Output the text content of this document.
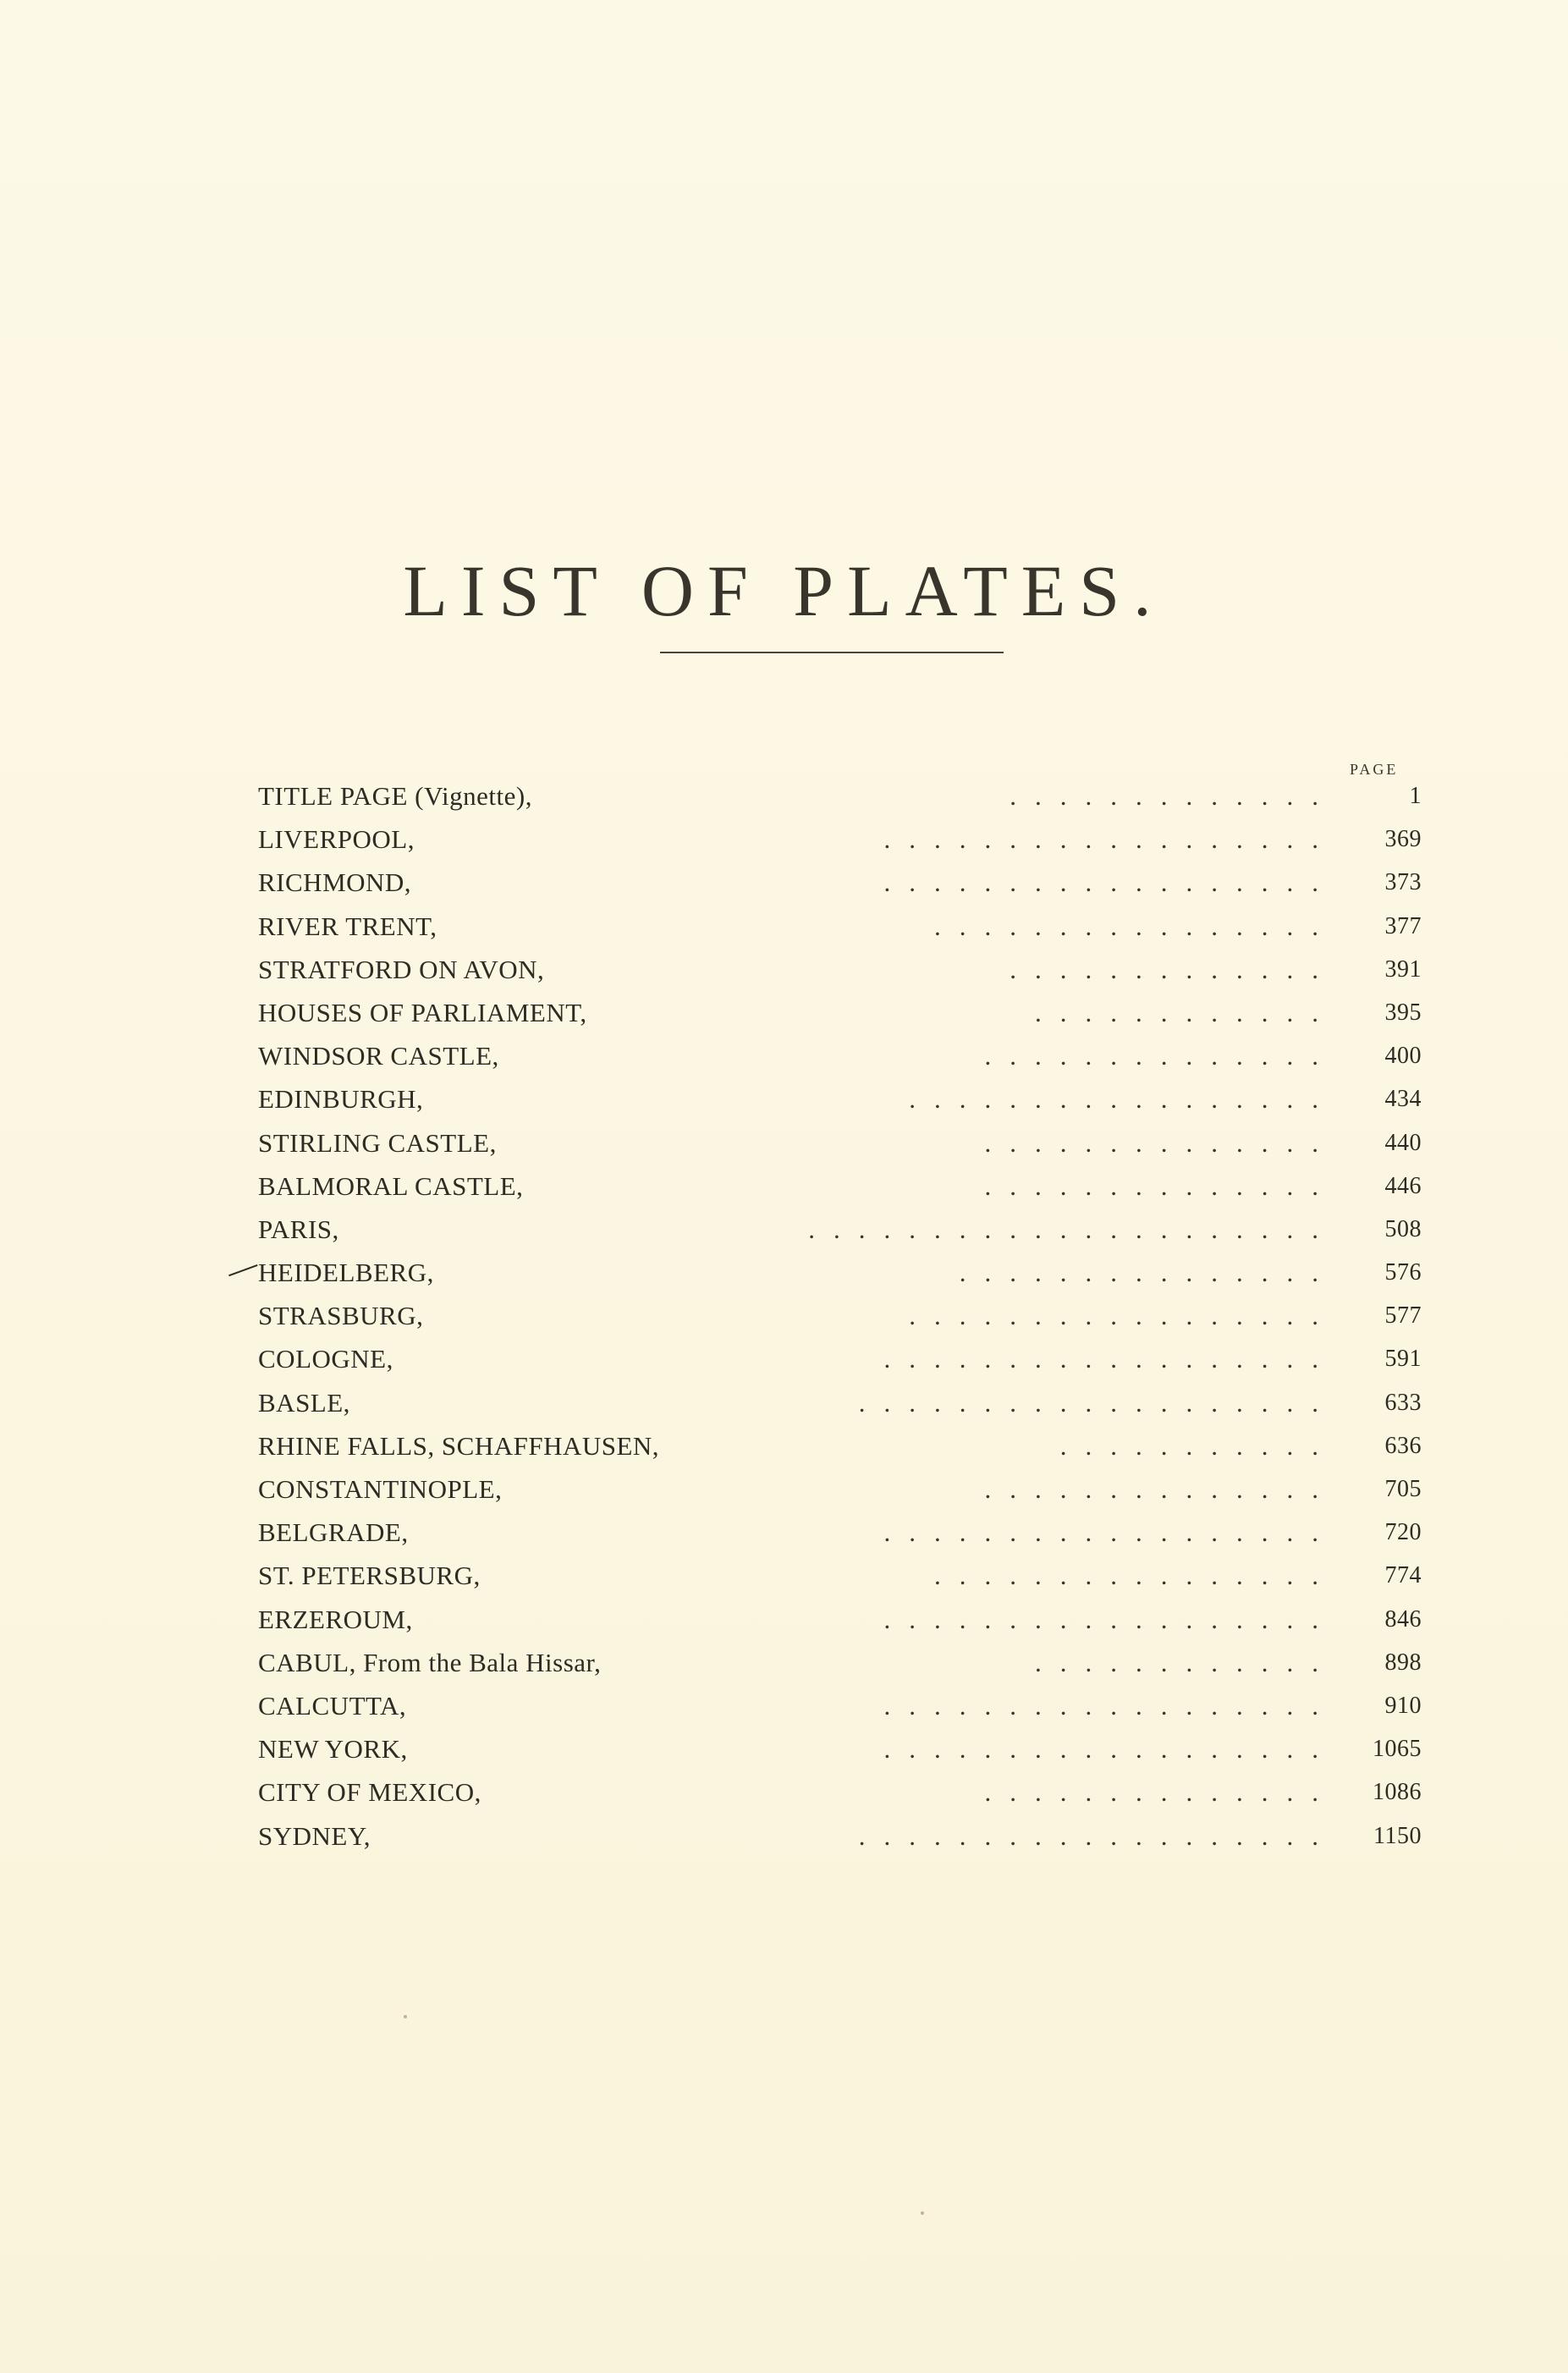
LIST OF PLATES.
PAGE
TITLE PAGE (Vignette),	.............	1
LIVERPOOL,	..................	369
RICHMOND,	..................	373
RIVER TRENT,	................	377
STRATFORD ON AVON,	.............	391
HOUSES OF PARLIAMENT,	............	395
WINDSOR CASTLE,	..............	400
EDINBURGH,	.................	434
STIRLING CASTLE,	..............	440
BALMORAL CASTLE,	..............	446
PARIS,	.....................	508
HEIDELBERG,	...............	576
STRASBURG,	.................	577
COLOGNE,	..................	591
BASLE,	...................	633
RHINE FALLS, SCHAFFHAUSEN,	...........	636
CONSTANTINOPLE,	..............	705
BELGRADE,	..................	720
ST. PETERSBURG,	................	774
ERZEROUM,	..................	846
CABUL, From the Bala Hissar,	............	898
CALCUTTA,	..................	910
NEW YORK,	.................. 1065
CITY OF MEXICO,	.............. 1086
SYDNEY,	................... 1150
